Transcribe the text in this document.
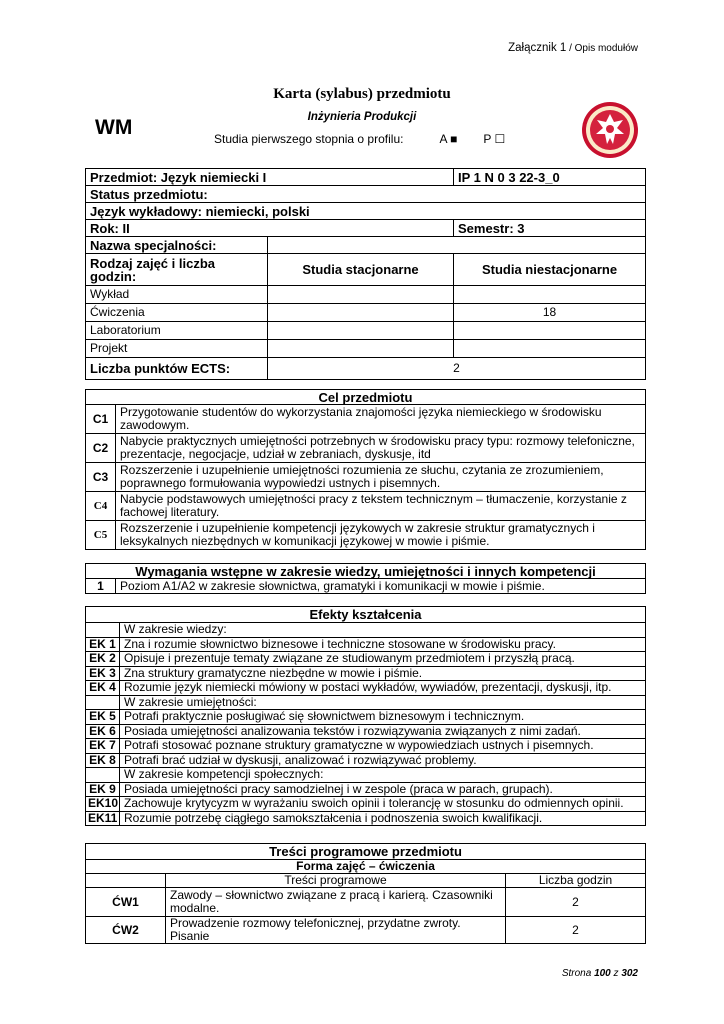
Załącznik 1 / Opis modułów
Karta (sylabus) przedmiotu
Inżynieria Produkcji
WM	Studia pierwszego stopnia o profilu:	A ■ P ☐
Przedmiot: Język niemiecki I		IP 1 N 0 3 22-3_0
Status przedmiotu:		
Język wykładowy: niemiecki, polski		
Rok: II		Semestr: 3
Nazwa specjalności:		
Rodzaj zajęć i liczba godzin:	Studia stacjonarne	Studia niestacjonarne
Wykład		
Ćwiczenia		18
Laboratorium		
Projekt		
Liczba punktów ECTS:	2	
Cel przedmiotu	
C1	Przygotowanie studentów do wykorzystania znajomości języka niemieckiego w środowisku zawodowym.
C2	Nabycie praktycznych umiejętności potrzebnych w środowisku pracy typu: rozmowy telefoniczne, prezentacje, negocjacje, udział w zebraniach, dyskusje, itd
C3	Rozszerzenie i uzupełnienie umiejętności rozumienia ze słuchu, czytania ze zrozumieniem, poprawnego formułowania wypowiedzi ustnych i pisemnych.
C4	Nabycie podstawowych umiejętności pracy z tekstem technicznym – tłumaczenie, korzystanie z fachowej literatury.
C5	Rozszerzenie i uzupełnienie kompetencji językowych w zakresie struktur gramatycznych i leksykalnych niezbędnych w komunikacji językowej w mowie i piśmie.
Wymagania wstępne w zakresie wiedzy, umiejętności i innych kompetencji
1	Poziom A1/A2 w zakresie słownictwa, gramatyki i komunikacji w mowie i piśmie.
Efekty kształcenia	
	W zakresie wiedzy:
EK 1	Zna i rozumie słownictwo biznesowe i techniczne stosowane w środowisku pracy.
EK 2	Opisuje i prezentuje tematy związane ze studiowanym przedmiotem i przyszłą pracą.
EK 3	Zna struktury gramatyczne niezbędne w mowie i piśmie.
EK 4	Rozumie język niemiecki mówiony w postaci wykładów, wywiadów, prezentacji, dyskusji, itp.
	W zakresie umiejętności:
EK 5	Potrafi praktycznie posługiwać się słownictwem biznesowym i technicznym.
EK 6	Posiada umiejętności analizowania tekstów i rozwiązywania związanych z nimi zadań.
EK 7	Potrafi stosować poznane struktury gramatyczne w wypowiedziach ustnych i pisemnych.
EK 8	Potrafi brać udział w dyskusji, analizować i rozwiązywać problemy.
	W zakresie kompetencji społecznych:
EK 9	Posiada umiejętności pracy samodzielnej i w zespole (praca w parach, grupach).
EK10	Zachowuje krytycyzm w wyrażaniu swoich opinii i tolerancję w stosunku do odmiennych opinii.
EK11	Rozumie potrzebę ciągłego samokształcenia i podnoszenia swoich kwalifikacji.
Treści programowe przedmiotu		
Forma zajęć – ćwiczenia		
	Treści programowe	Liczba godzin
ĆW1	Zawody – słownictwo związane z pracą i karierą. Czasowniki modalne.	2
ĆW2	Prowadzenie rozmowy telefonicznej, przydatne zwroty. Pisanie	2
Strona 100 z 302
